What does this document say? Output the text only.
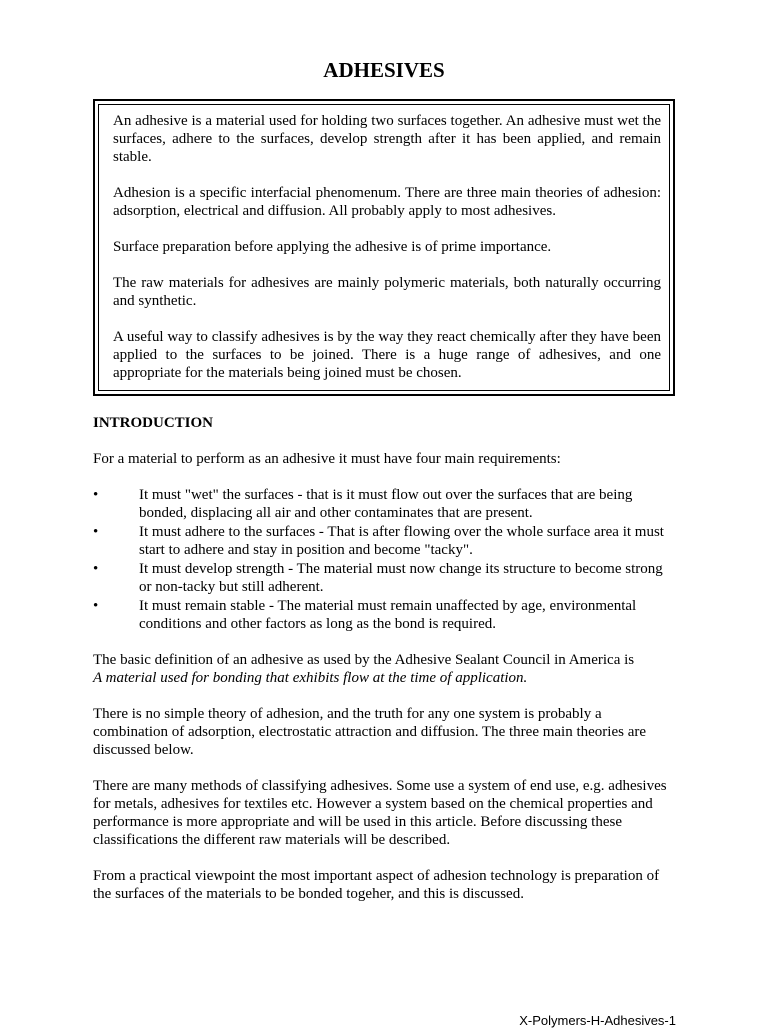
ADHESIVES

An adhesive is a material used for holding two surfaces together. An adhesive must wet the surfaces, adhere to the surfaces, develop strength after it has been applied, and remain stable.

Adhesion is a specific interfacial phenomenum. There are three main theories of adhesion: adsorption, electrical and diffusion. All probably apply to most adhesives.

Surface preparation before applying the adhesive is of prime importance.

The raw materials for adhesives are mainly polymeric materials, both naturally occurring and synthetic.

A useful way to classify adhesives is by the way they react chemically after they have been applied to the surfaces to be joined. There is a huge range of adhesives, and one appropriate for the materials being joined must be chosen.

INTRODUCTION

For a material to perform as an adhesive it must have four main requirements:

•	It must "wet" the surfaces - that is it must flow out over the surfaces that are being bonded, displacing all air and other contaminates that are present.
•	It must adhere to the surfaces - That is after flowing over the whole surface area it must start to adhere and stay in position and become "tacky".
•	It must develop strength - The material must now change its structure to become strong or non-tacky but still adherent.
•	It must remain stable - The material must remain unaffected by age, environmental conditions and other factors as long as the bond is required.

The basic definition of an adhesive as used by the Adhesive Sealant Council in America is
A material used for bonding that exhibits flow at the time of application.

There is no simple theory of adhesion, and the truth for any one system is probably a combination of adsorption, electrostatic attraction and diffusion. The three main theories are discussed below.

There are many methods of classifying adhesives. Some use a system of end use, e.g. adhesives for metals, adhesives for textiles etc. However a system based on the chemical properties and performance is more appropriate and will be used in this article. Before discussing these classifications the different raw materials will be described.

From a practical viewpoint the most important aspect of adhesion technology is preparation of the surfaces of the materials to be bonded togeher, and this is discussed.

X-Polymers-H-Adhesives-1
